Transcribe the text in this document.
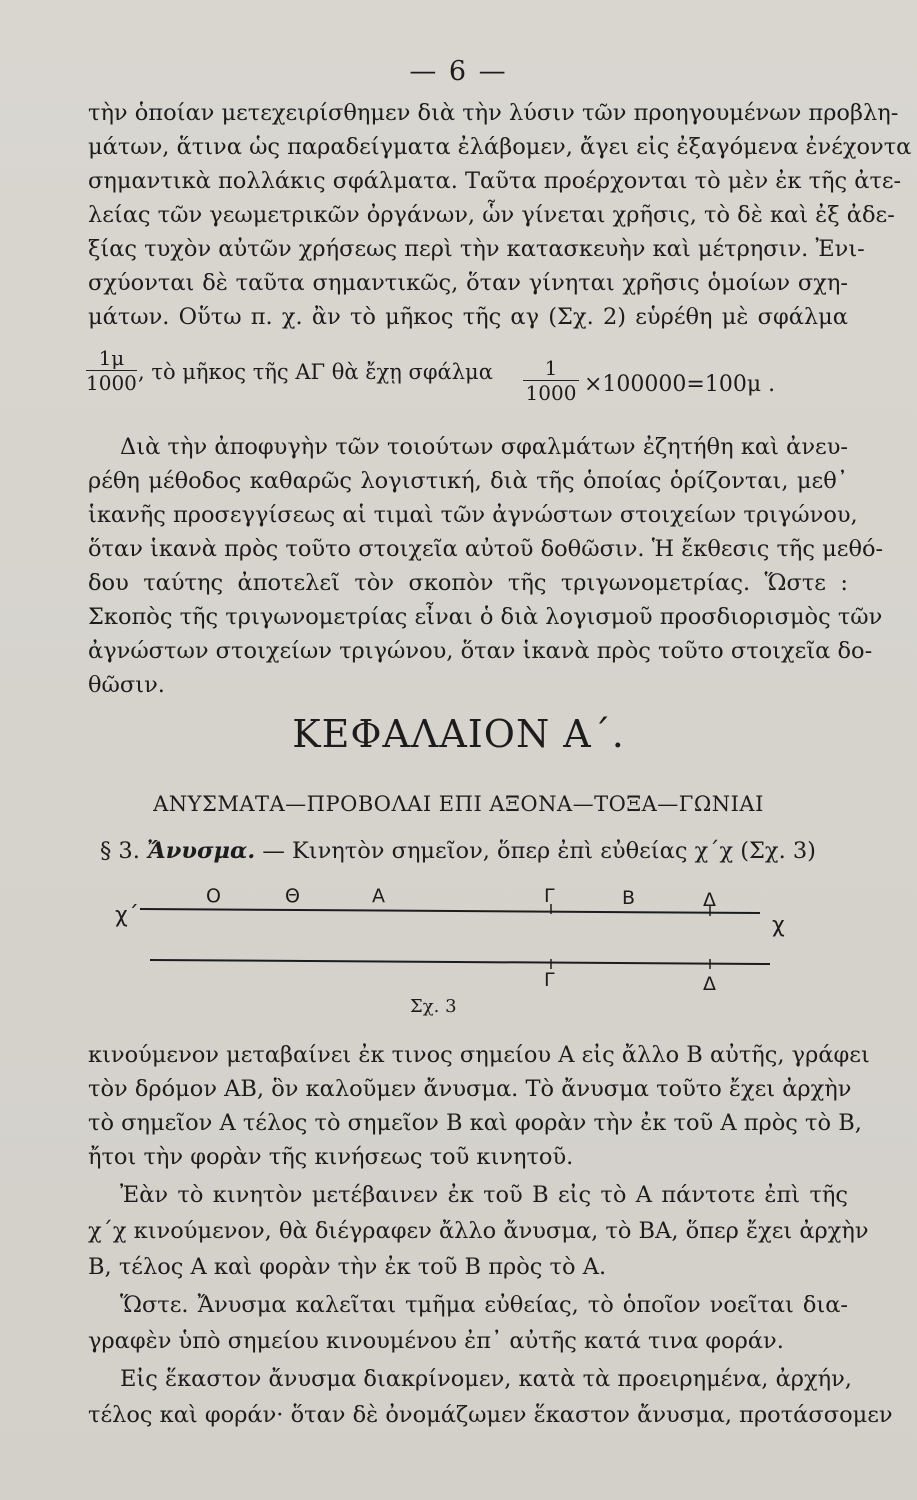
— 6 —
τὴν ὁποίαν μετεχειρίσθημεν διὰ τὴν λύσιν τῶν προηγουμένων προβλη-
μάτων, ἅτινα ὡς παραδείγματα ἐλάβομεν, ἄγει εἰς ἐξαγόμενα ἐνέχοντα
σημαντικὰ πολλάκις σφάλματα. Ταῦτα προέρχονται τὸ μὲν ἐκ τῆς ἀτε-
λείας τῶν γεωμετρικῶν ὀργάνων, ὧν γίνεται χρῆσις, τὸ δὲ καὶ ἐξ ἀδε-
ξίας τυχὸν αὐτῶν χρήσεως περὶ τὴν κατασκευὴν καὶ μέτρησιν. Ἐνι-
σχύονται δὲ ταῦτα σημαντικῶς, ὅταν γίνηται χρῆσις ὁμοίων σχη-
μάτων. Οὕτω π. χ. ἂν τὸ μῆκος τῆς αγ (Σχ. 2) εὑρέθη μὲ σφάλμα
$\frac{1\mu}{1000}$ , τὸ μῆκος τῆς ΑΓ θὰ ἔχῃ σφάλμα $\frac{1}{1000} \times 100000=100\mu$ .
Διὰ τὴν ἀποφυγὴν τῶν τοιούτων σφαλμάτων ἐζητήθη καὶ ἀνευ-
ρέθη μέθοδος καθαρῶς λογιστική, διὰ τῆς ὁποίας ὁρίζονται, μεθ᾽
ἱκανῆς προσεγγίσεως αἱ τιμαὶ τῶν ἀγνώστων στοιχείων τριγώνου,
ὅταν ἱκανὰ πρὸς τοῦτο στοιχεῖα αὐτοῦ δοθῶσιν. Ἡ ἔκθεσις τῆς μεθό-
δου ταύτης ἀποτελεῖ τὸν σκοπὸν τῆς τριγωνομετρίας. Ὥστε :
Σκοπὸς τῆς τριγωνομετρίας εἶναι ὁ διὰ λογισμοῦ προσδιορισμὸς τῶν
ἀγνώστων στοιχείων τριγώνου, ὅταν ἱκανὰ πρὸς τοῦτο στοιχεῖα δο-
θῶσιν.
ΚΕΦΑΛΑΙΟΝ Α΄.
ΑΝΥΣΜΑΤΑ—ΠΡΟΒΟΛΑΙ ΕΠΙ ΑΞΟΝΑ—ΤΟΞΑ—ΓΩΝΙΑΙ
§ 3. Ἄνυσμα. — Κινητὸν σημεῖον, ὅπερ ἐπὶ εὐθείας χ΄χ (Σχ. 3)
χ΄	χ
Ο	Θ	Α	Γ	Β	Δ
Γ	Δ
Σχ. 3
κινούμενον μεταβαίνει ἐκ τινος σημείου Α εἰς ἄλλο Β αὐτῆς, γράφει
τὸν δρόμον ΑΒ, ὃν καλοῦμεν ἄνυσμα. Τὸ ἄνυσμα τοῦτο ἔχει ἀρχὴν
τὸ σημεῖον Α τέλος τὸ σημεῖον Β καὶ φορὰν τὴν ἐκ τοῦ Α πρὸς τὸ Β,
ἤτοι τὴν φορὰν τῆς κινήσεως τοῦ κινητοῦ.
Ἐὰν τὸ κινητὸν μετέβαινεν ἐκ τοῦ Β εἰς τὸ Α πάντοτε ἐπὶ τῆς
χ΄χ κινούμενον, θὰ διέγραφεν ἄλλο ἄνυσμα, τὸ ΒΑ, ὅπερ ἔχει ἀρχὴν
Β, τέλος Α καὶ φορὰν τὴν ἐκ τοῦ Β πρὸς τὸ Α.
Ὥστε. Ἄνυσμα καλεῖται τμῆμα εὐθείας, τὸ ὁποῖον νοεῖται δια-
γραφὲν ὑπὸ σημείου κινουμένου ἐπ᾽ αὐτῆς κατά τινα φοράν.
Εἰς ἕκαστον ἄνυσμα διακρίνομεν, κατὰ τὰ προειρημένα, ἀρχήν,
τέλος καὶ φοράν· ὅταν δὲ ὀνομάζωμεν ἕκαστον ἄνυσμα, προτάσσομεν
